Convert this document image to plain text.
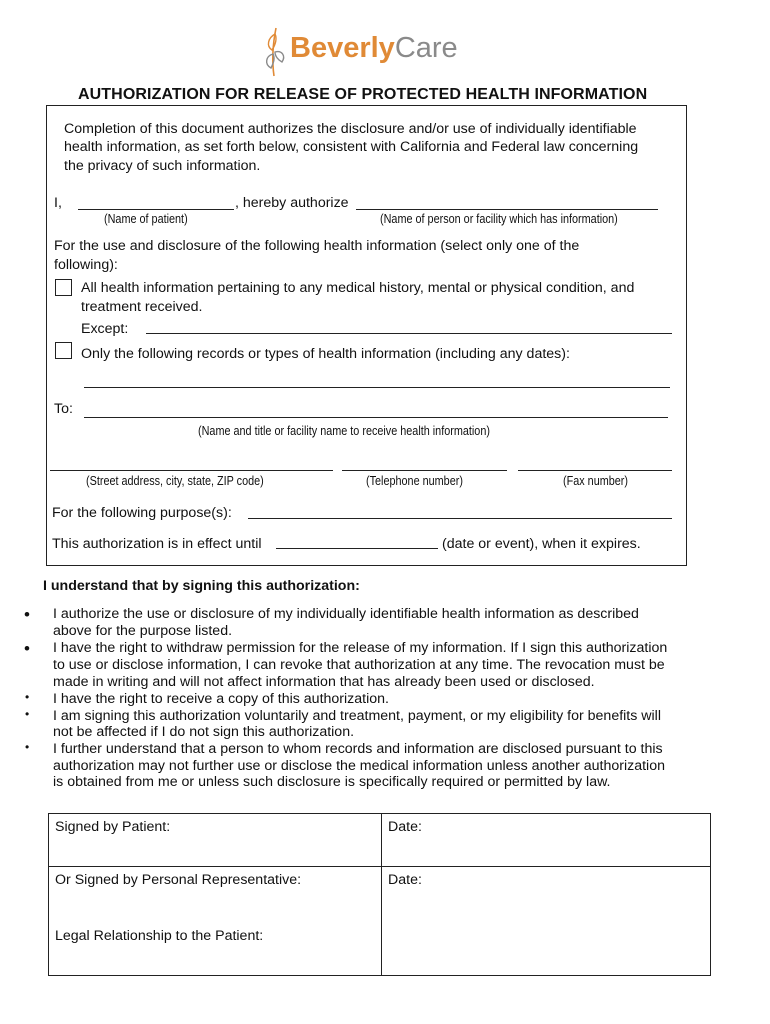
BeverlyCare
AUTHORIZATION FOR RELEASE OF PROTECTED HEALTH INFORMATION
Completion of this document authorizes the disclosure and/or use of individually identifiable
health information, as set forth below, consistent with California and Federal law concerning
the privacy of such information.
I,	, hereby authorize
(Name of patient)	(Name of person or facility which has information)
For the use and disclosure of the following health information (select only one of the
following):
All health information pertaining to any medical history, mental or physical condition, and
treatment received.
Except:
Only the following records or types of health information (including any dates):
To:
(Name and title or facility name to receive health information)
(Street address, city, state, ZIP code)	(Telephone number)	(Fax number)
For the following purpose(s):
This authorization is in effect until	(date or event), when it expires.
I understand that by signing this authorization:
• I authorize the use or disclosure of my individually identifiable health information as described
above for the purpose listed.
• I have the right to withdraw permission for the release of my information. If I sign this authorization
to use or disclose information, I can revoke that authorization at any time. The revocation must be
made in writing and will not affect information that has already been used or disclosed.
• I have the right to receive a copy of this authorization.
• I am signing this authorization voluntarily and treatment, payment, or my eligibility for benefits will
not be affected if I do not sign this authorization.
• I further understand that a person to whom records and information are disclosed pursuant to this
authorization may not further use or disclose the medical information unless another authorization
is obtained from me or unless such disclosure is specifically required or permitted by law.
Signed by Patient:	Date:
Or Signed by Personal Representative:	Date:
Legal Relationship to the Patient:
